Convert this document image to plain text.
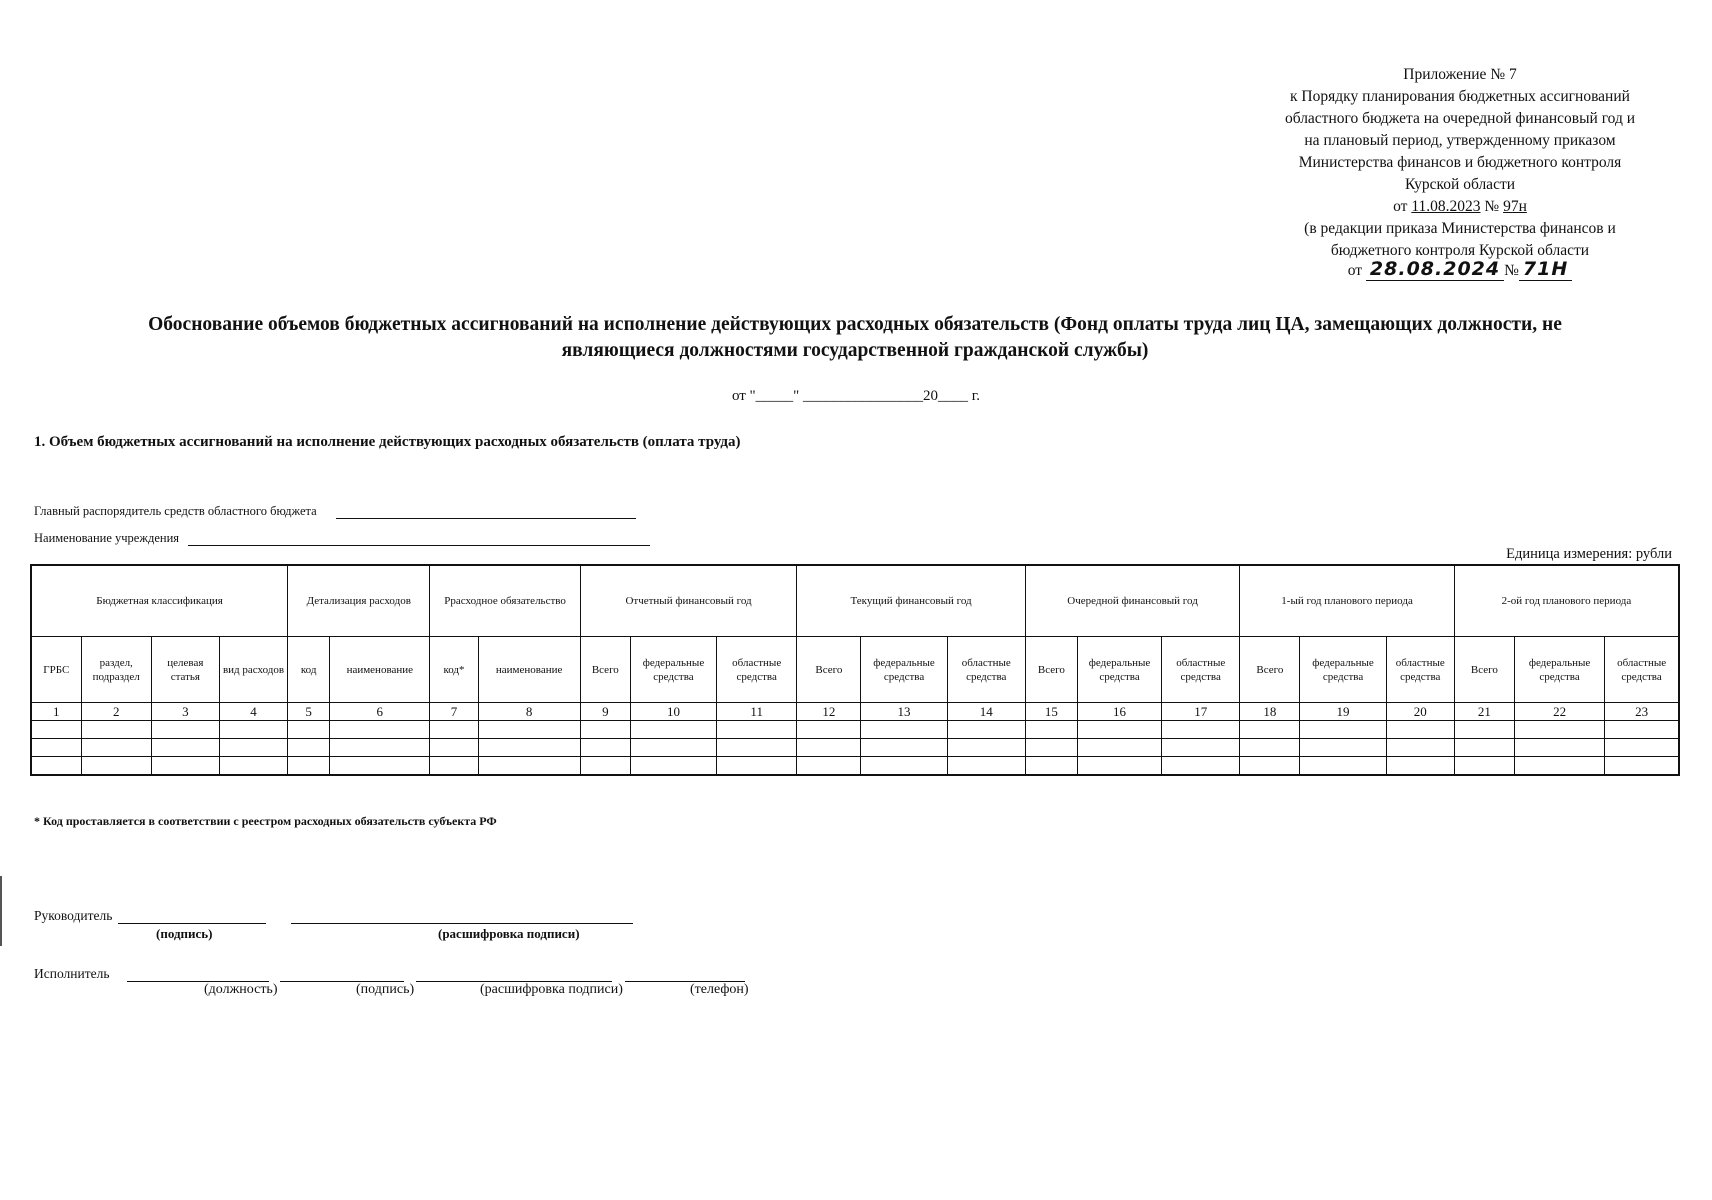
Приложение № 7
к Порядку планирования бюджетных ассигнований
областного бюджета на очередной финансовый год и
на плановый период, утвержденному приказом
Министерства финансов и бюджетного контроля
Курской области
от 11.08.2023 № 97н
(в редакции приказа Министерства финансов и
бюджетного контроля Курской области
от 28.08.2024 № 71Н
Обоснование объемов бюджетных ассигнований на исполнение действующих расходных обязательств (Фонд оплаты труда лиц ЦА, замещающих должности, не
являющиеся должностями государственной гражданской службы)
от "_____" ________________20____ г.
1. Объем бюджетных ассигнований на исполнение действующих расходных обязательств (оплата труда)
Главный распорядитель средств областного бюджета
Наименование учреждения
Единица измерения: рубли
Бюджетная классификация				Детализация расходов		Ррасходное обязательство		Отчетный финансовый год			Текущий финансовый год			Очередной финансовый год			1-ый год планового периода			2-ой год планового периода		
ГРБС	раздел, подраздел	целевая статья	вид расходов	код	наименование	код*	наименование	Всего	федеральные средства	областные средства	Всего	федеральные средства	областные средства	Всего	федеральные средства	областные средства	Всего	федеральные средства	областные средства	Всего	федеральные средства	областные средства
1	2	3	4	5	6	7	8	9	10	11	12	13	14	15	16	17	18	19	20	21	22	23

* Код проставляется в соответствии с реестром расходных обязательств субъекта РФ
Руководитель
(подпись)	(расшифровка подписи)
Исполнитель
(должность)	(подпись)	(расшифровка подписи)	(телефон)
